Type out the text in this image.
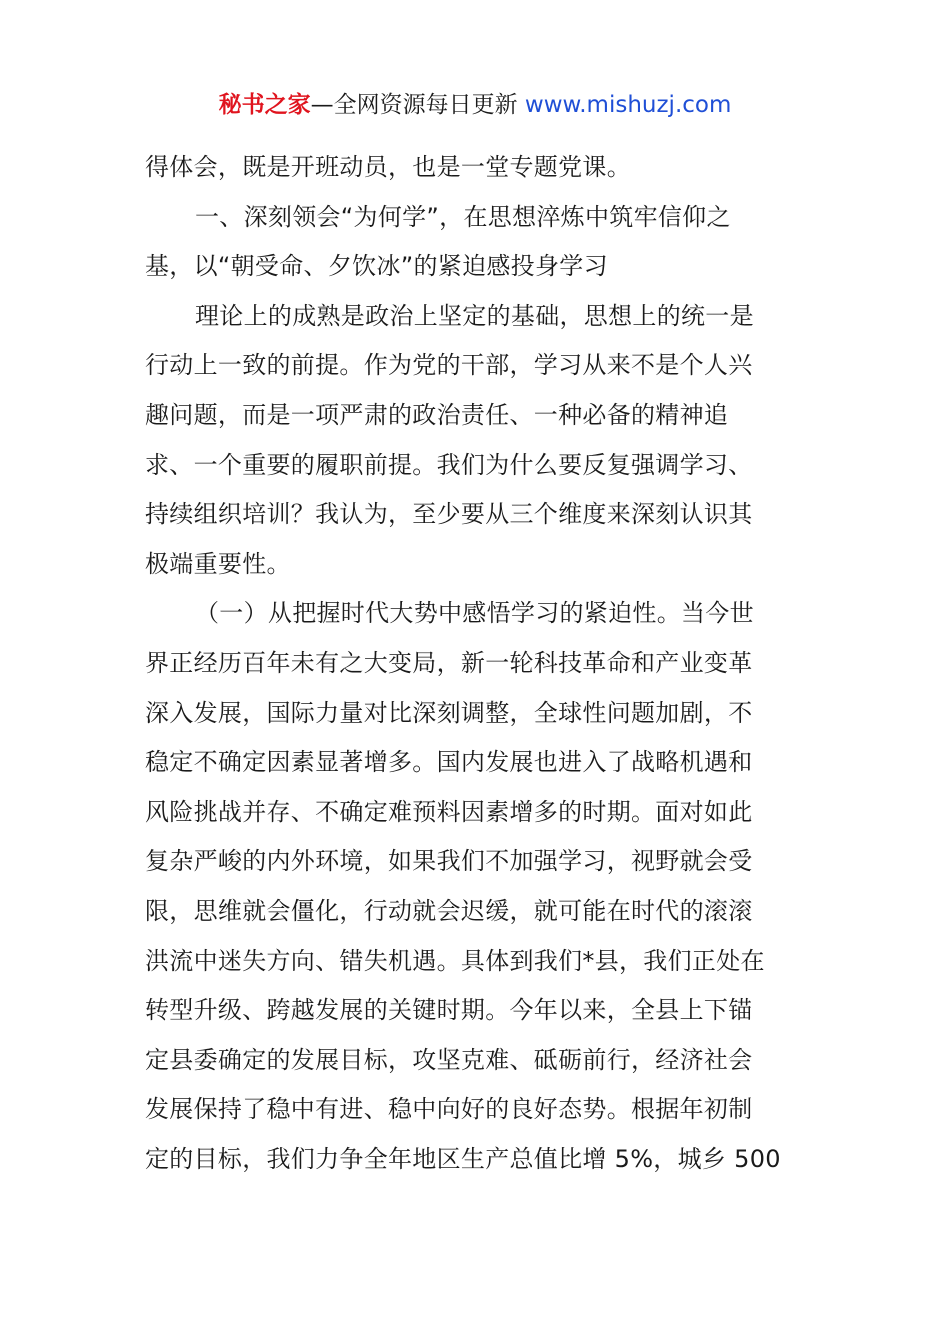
秘书之家—全网资源每日更新 www.mishuzj.com
得体会，既是开班动员，也是一堂专题党课。
一、深刻领会“为何学”，在思想淬炼中筑牢信仰之
基，以“朝受命、夕饮冰”的紧迫感投身学习
理论上的成熟是政治上坚定的基础，思想上的统一是
行动上一致的前提。作为党的干部，学习从来不是个人兴
趣问题，而是一项严肃的政治责任、一种必备的精神追
求、一个重要的履职前提。我们为什么要反复强调学习、
持续组织培训？我认为，至少要从三个维度来深刻认识其
极端重要性。
（一）从把握时代大势中感悟学习的紧迫性。当今世
界正经历百年未有之大变局，新一轮科技革命和产业变革
深入发展，国际力量对比深刻调整，全球性问题加剧，不
稳定不确定因素显著增多。国内发展也进入了战略机遇和
风险挑战并存、不确定难预料因素增多的时期。面对如此
复杂严峻的内外环境，如果我们不加强学习，视野就会受
限，思维就会僵化，行动就会迟缓，就可能在时代的滚滚
洪流中迷失方向、错失机遇。具体到我们*县，我们正处在
转型升级、跨越发展的关键时期。今年以来，全县上下锚
定县委确定的发展目标，攻坚克难、砥砺前行，经济社会
发展保持了稳中有进、稳中向好的良好态势。根据年初制
定的目标，我们力争全年地区生产总值比增 5%，城乡 500
